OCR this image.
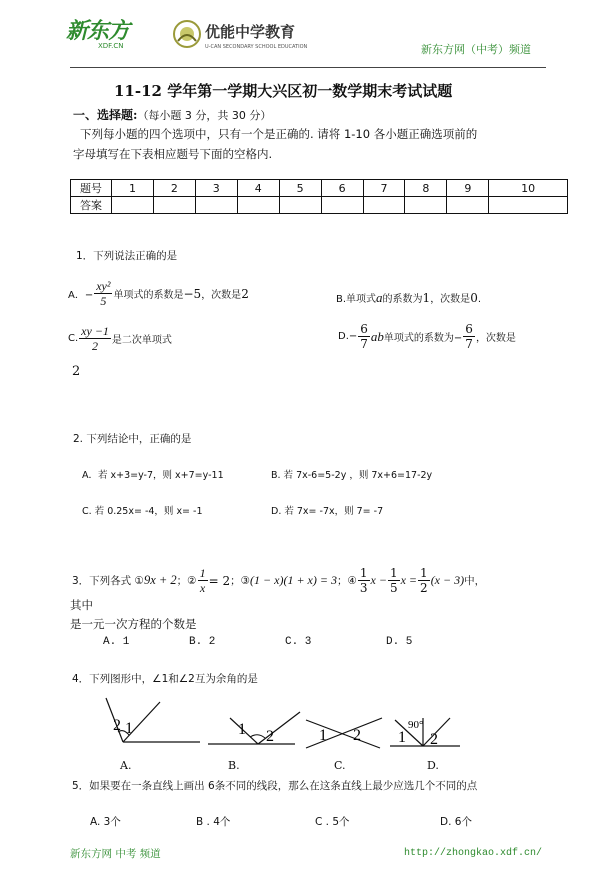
新东方
XDF.CN
优能中学教育
U-CAN SECONDARY SCHOOL EDUCATION	新东方网（中考）频道
11-12 学年第一学期大兴区初一数学期末考试试题
一、选择题:（每小题 3 分，共 30 分）
下列每小题的四个选项中，只有一个是正确的. 请将 1-10 各小题正确选项前的
字母填写在下表相应题号下面的空格内.
题号	1	2	3	4	5	6	7	8	9	10
答案										
1．下列说法正确的是
A．− $\frac{\text{xy²}}{5}$ 单项式的系数是 −5 ，次数是 2	B.单项式a的系数为1，次数是0.
C. $\frac{xy -1}{2}$ 是二次单项式	$D.- \frac{6}{7}$ ab 单项式的系数为− $\frac{6}{7}$ ，次数是
2
2. 下列结论中，正确的是
A．若 x+3=y-7，则 x+7=y-11	B. 若 7x-6=5-2y ，则 7x+6=17-2y
C. 若 0.25x= -4，则 x= -1	D. 若 7x= -7x，则 7= -7
3．下列各式 ① 9x + 2 ；② $\frac{1}{x} = 2$ ；③ (1 − x)(1 + x) = 3 ；④ $\frac{1}{3}$ $x - \frac{1}{5}$ $x = \frac{1}{2} (x - 3)$ 中，
其中
是一元一次方程的个数是
A. 1	B. 2	C. 3	D. 5
4．下列图形中，∠1和∠2互为余角的是
1
2	1 2	1 2 1 2
90°
A.	B.	C.	D.
5．如果要在一条直线上画出 6条不同的线段，那么在这条直线上最少应选几个不同的点
A. 3个	B . 4个	C . 5个	D. 6个
新东方网 中考 频道	http://zhongkao.xdf.cn/
